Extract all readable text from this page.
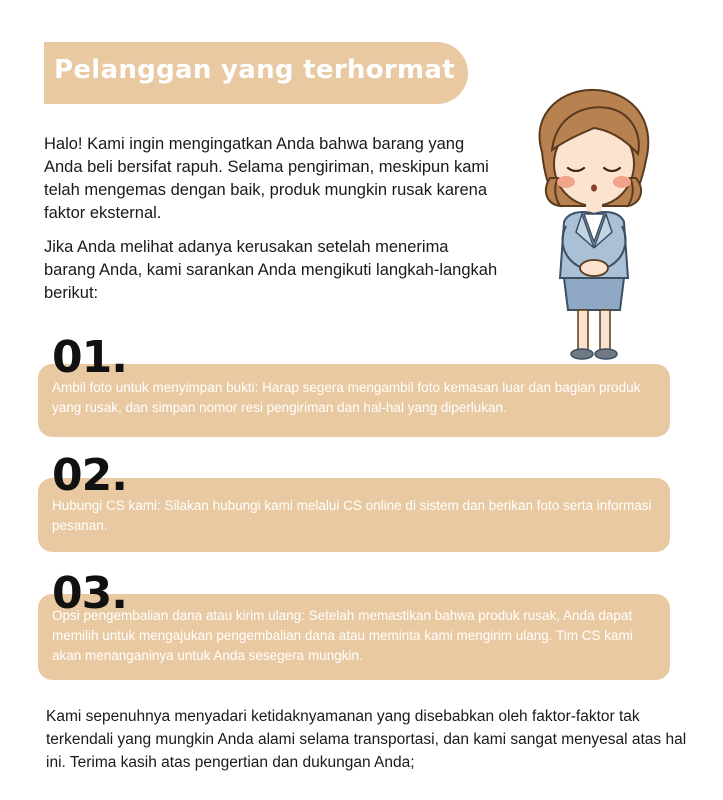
Pelanggan yang terhormat

Halo! Kami ingin mengingatkan Anda bahwa barang yang Anda beli bersifat rapuh. Selama pengiriman, meskipun kami telah mengemas dengan baik, produk mungkin rusak karena faktor eksternal.

Jika Anda melihat adanya kerusakan setelah menerima barang Anda, kami sarankan Anda mengikuti langkah-langkah berikut:

Ambil foto untuk menyimpan bukti: Harap segera mengambil foto kemasan luar dan bagian produk yang rusak, dan simpan nomor resi pengiriman dan hal-hal yang diperlukan.

01.

Hubungi CS kami: Silakan hubungi kami melalui CS online di sistem dan berikan foto serta informasi pesanan.

02.

Opsi pengembalian dana atau kirim ulang: Setelah memastikan bahwa produk rusak, Anda dapat memilih untuk mengajukan pengembalian dana atau meminta kami mengirim ulang. Tim CS kami akan menanganinya untuk Anda sesegera mungkin.

03.

Kami sepenuhnya menyadari ketidaknyamanan yang disebabkan oleh faktor-faktor tak terkendali yang mungkin Anda alami selama transportasi, dan kami sangat menyesal atas hal ini. Terima kasih atas pengertian dan dukungan Anda;
